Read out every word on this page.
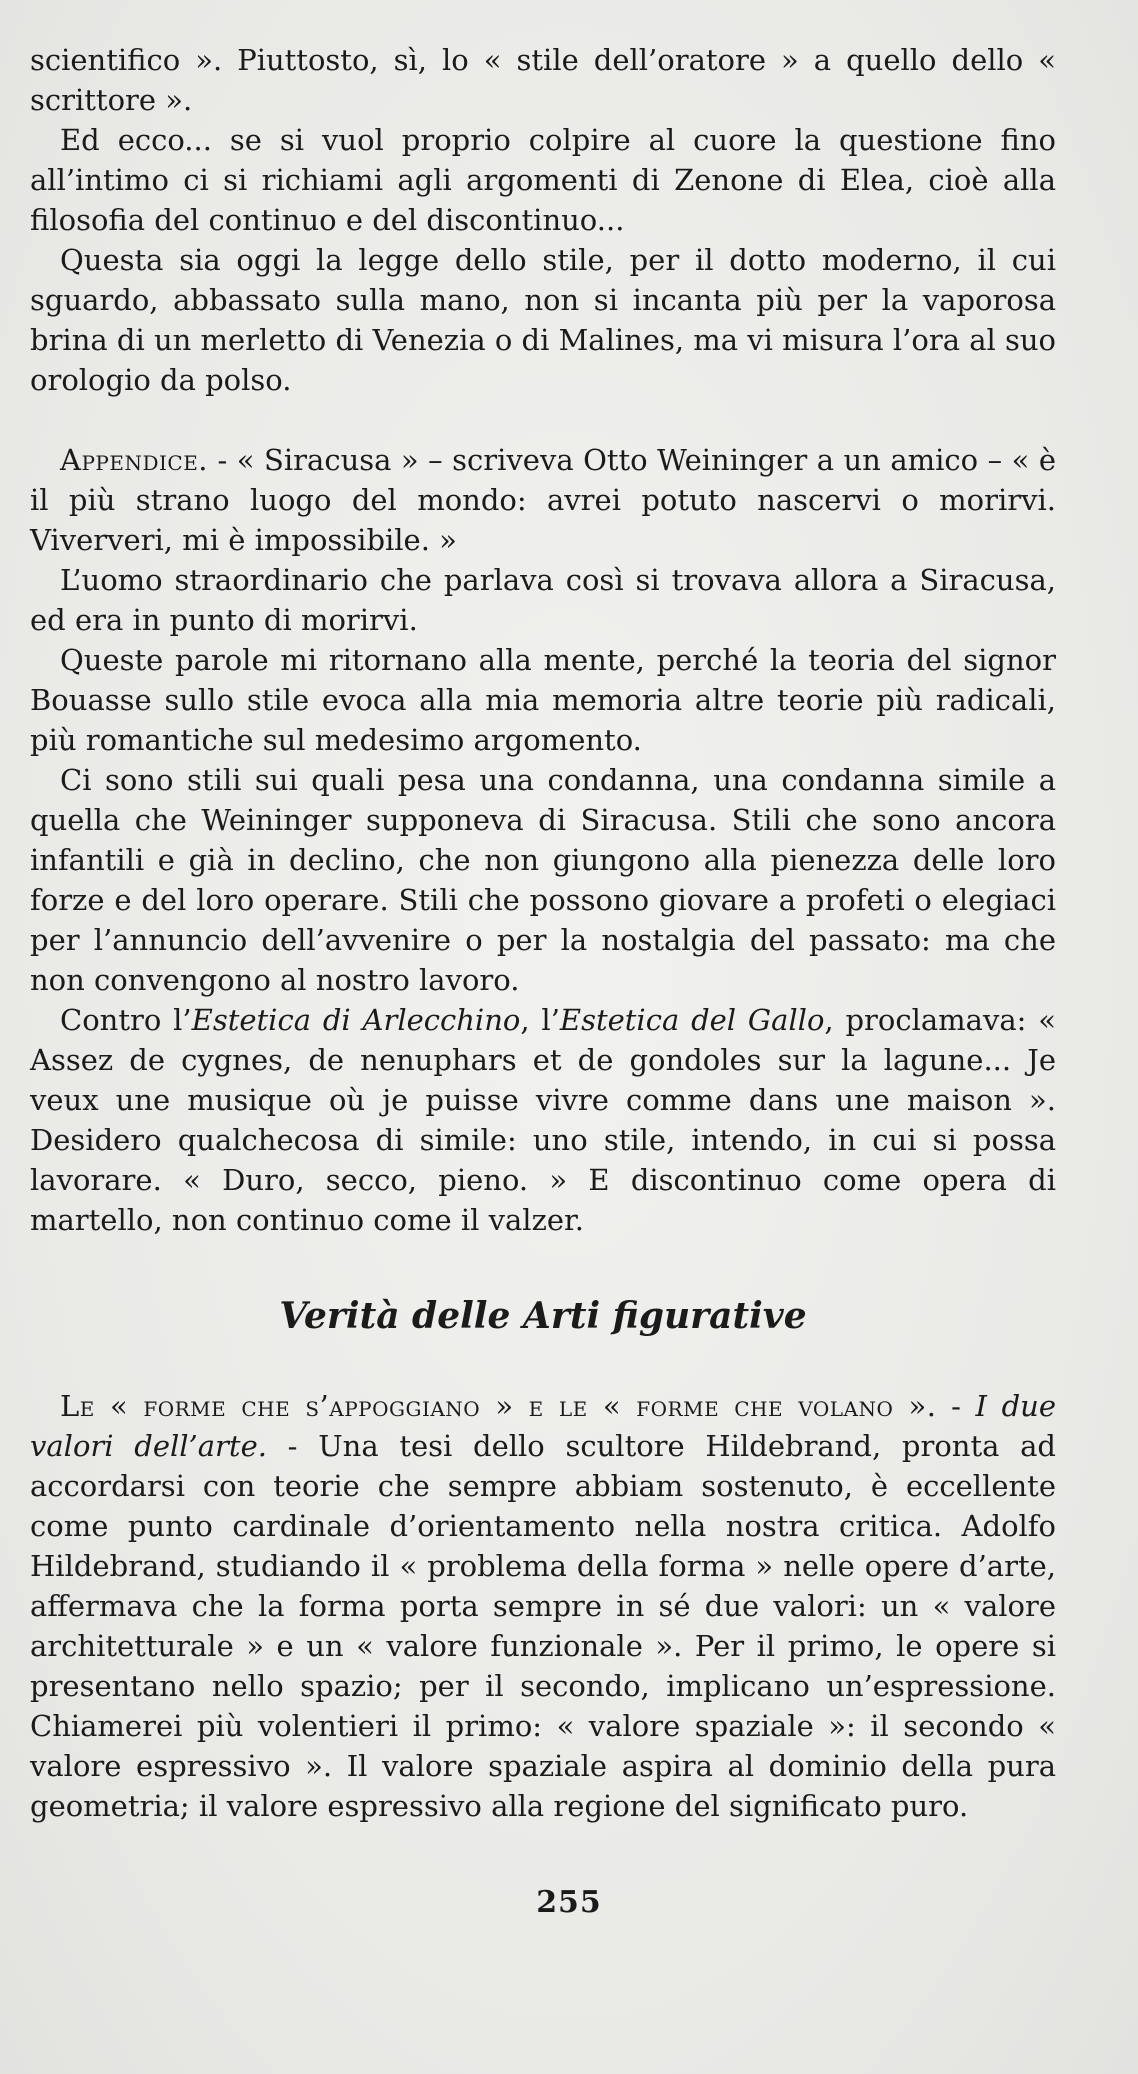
scientifico ». Piuttosto, sì, lo « stile dell’oratore » a quello dello « scrittore ».

Ed ecco... se si vuol proprio colpire al cuore la questione fino all’intimo ci si richiami agli argomenti di Zenone di Elea, cioè alla filosofia del continuo e del discontinuo...

Questa sia oggi la legge dello stile, per il dotto moderno, il cui sguardo, abbassato sulla mano, non si incanta più per la vaporosa brina di un merletto di Venezia o di Malines, ma vi misura l’ora al suo orologio da polso.

Appendice. - « Siracusa » – scriveva Otto Weininger a un amico – « è il più strano luogo del mondo: avrei potuto nascervi o morirvi. Viververi, mi è impossibile. »

L’uomo straordinario che parlava così si trovava allora a Siracusa, ed era in punto di morirvi.

Queste parole mi ritornano alla mente, perché la teoria del signor Bouasse sullo stile evoca alla mia memoria altre teorie più radicali, più romantiche sul medesimo argomento.

Ci sono stili sui quali pesa una condanna, una condanna simile a quella che Weininger supponeva di Siracusa. Stili che sono ancora infantili e già in declino, che non giungono alla pienezza delle loro forze e del loro operare. Stili che possono giovare a profeti o elegiaci per l’annuncio dell’avvenire o per la nostalgia del passato: ma che non convengono al nostro lavoro.

Contro l’Estetica di Arlecchino, l’Estetica del Gallo, proclamava: « Assez de cygnes, de nenuphars et de gondoles sur la lagune... Je veux une musique où je puisse vivre comme dans une maison ». Desidero qualchecosa di simile: uno stile, intendo, in cui si possa lavorare. « Duro, secco, pieno. » E discontinuo come opera di martello, non continuo come il valzer.

Verità delle Arti figurative

Le « forme che s’appoggiano » e le « forme che volano ». - I due valori dell’arte. - Una tesi dello scultore Hildebrand, pronta ad accordarsi con teorie che sempre abbiam sostenuto, è eccellente come punto cardinale d’orientamento nella nostra critica. Adolfo Hildebrand, studiando il « problema della forma » nelle opere d’arte, affermava che la forma porta sempre in sé due valori: un « valore architetturale » e un « valore funzionale ». Per il primo, le opere si presentano nello spazio; per il secondo, implicano un’espressione. Chiamerei più volentieri il primo: « valore spaziale »: il secondo « valore espressivo ». Il valore spaziale aspira al dominio della pura geometria; il valore espressivo alla regione del significato puro.

255
